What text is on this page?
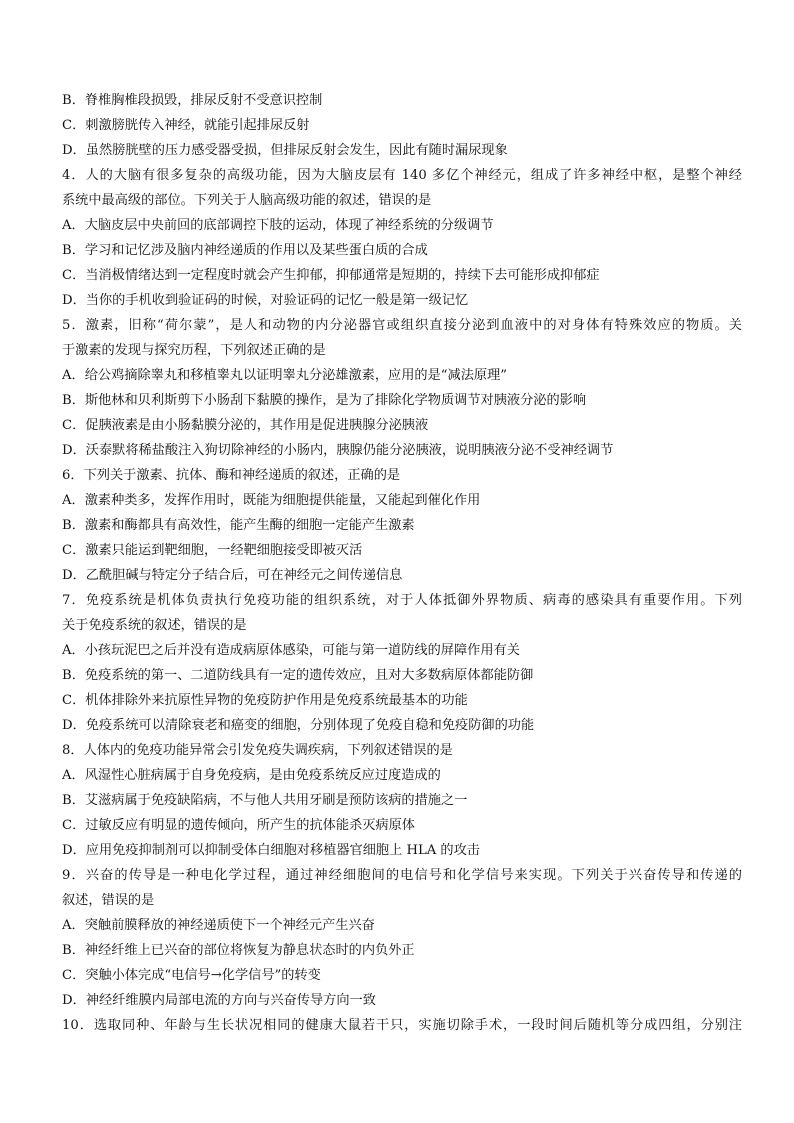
B．脊椎胸椎段损毁，排尿反射不受意识控制
C．刺激膀胱传入神经，就能引起排尿反射
D．虽然膀胱壁的压力感受器受损，但排尿反射会发生，因此有随时漏尿现象
4．人的大脑有很多复杂的高级功能，因为大脑皮层有 140 多亿个神经元，组成了许多神经中枢，是整个神经
系统中最高级的部位。下列关于人脑高级功能的叙述，错误的是
A．大脑皮层中央前回的底部调控下肢的运动，体现了神经系统的分级调节
B．学习和记忆涉及脑内神经递质的作用以及某些蛋白质的合成
C．当消极情绪达到一定程度时就会产生抑郁，抑郁通常是短期的，持续下去可能形成抑郁症
D．当你的手机收到验证码的时候，对验证码的记忆一般是第一级记忆
5．激素，旧称“荷尔蒙”，是人和动物的内分泌器官或组织直接分泌到血液中的对身体有特殊效应的物质。关
于激素的发现与探究历程，下列叙述正确的是
A．给公鸡摘除睾丸和移植睾丸以证明睾丸分泌雄激素，应用的是“减法原理”
B．斯他林和贝利斯剪下小肠刮下黏膜的操作，是为了排除化学物质调节对胰液分泌的影响
C．促胰液素是由小肠黏膜分泌的，其作用是促进胰腺分泌胰液
D．沃泰默将稀盐酸注入狗切除神经的小肠内，胰腺仍能分泌胰液，说明胰液分泌不受神经调节
6．下列关于激素、抗体、酶和神经递质的叙述，正确的是
A．激素种类多，发挥作用时，既能为细胞提供能量，又能起到催化作用
B．激素和酶都具有高效性，能产生酶的细胞一定能产生激素
C．激素只能运到靶细胞，一经靶细胞接受即被灭活
D．乙酰胆碱与特定分子结合后，可在神经元之间传递信息
7．免疫系统是机体负责执行免疫功能的组织系统，对于人体抵御外界物质、病毒的感染具有重要作用。下列
关于免疫系统的叙述，错误的是
A．小孩玩泥巴之后并没有造成病原体感染，可能与第一道防线的屏障作用有关
B．免疫系统的第一、二道防线具有一定的遗传效应，且对大多数病原体都能防御
C．机体排除外来抗原性异物的免疫防护作用是免疫系统最基本的功能
D．免疫系统可以清除衰老和癌变的细胞，分别体现了免疫自稳和免疫防御的功能
8．人体内的免疫功能异常会引发免疫失调疾病，下列叙述错误的是
A．风湿性心脏病属于自身免疫病，是由免疫系统反应过度造成的
B．艾滋病属于免疫缺陷病，不与他人共用牙刷是预防该病的措施之一
C．过敏反应有明显的遗传倾向，所产生的抗体能杀灭病原体
D．应用免疫抑制剂可以抑制受体白细胞对移植器官细胞上 HLA 的攻击
9．兴奋的传导是一种电化学过程，通过神经细胞间的电信号和化学信号来实现。下列关于兴奋传导和传递的
叙述，错误的是
A．突触前膜释放的神经递质使下一个神经元产生兴奋
B．神经纤维上已兴奋的部位将恢复为静息状态时的内负外正
C．突触小体完成“电信号→化学信号”的转变
D．神经纤维膜内局部电流的方向与兴奋传导方向一致
10．选取同种、年龄与生长状况相同的健康大鼠若干只，实施切除手术，一段时间后随机等分成四组，分别注
